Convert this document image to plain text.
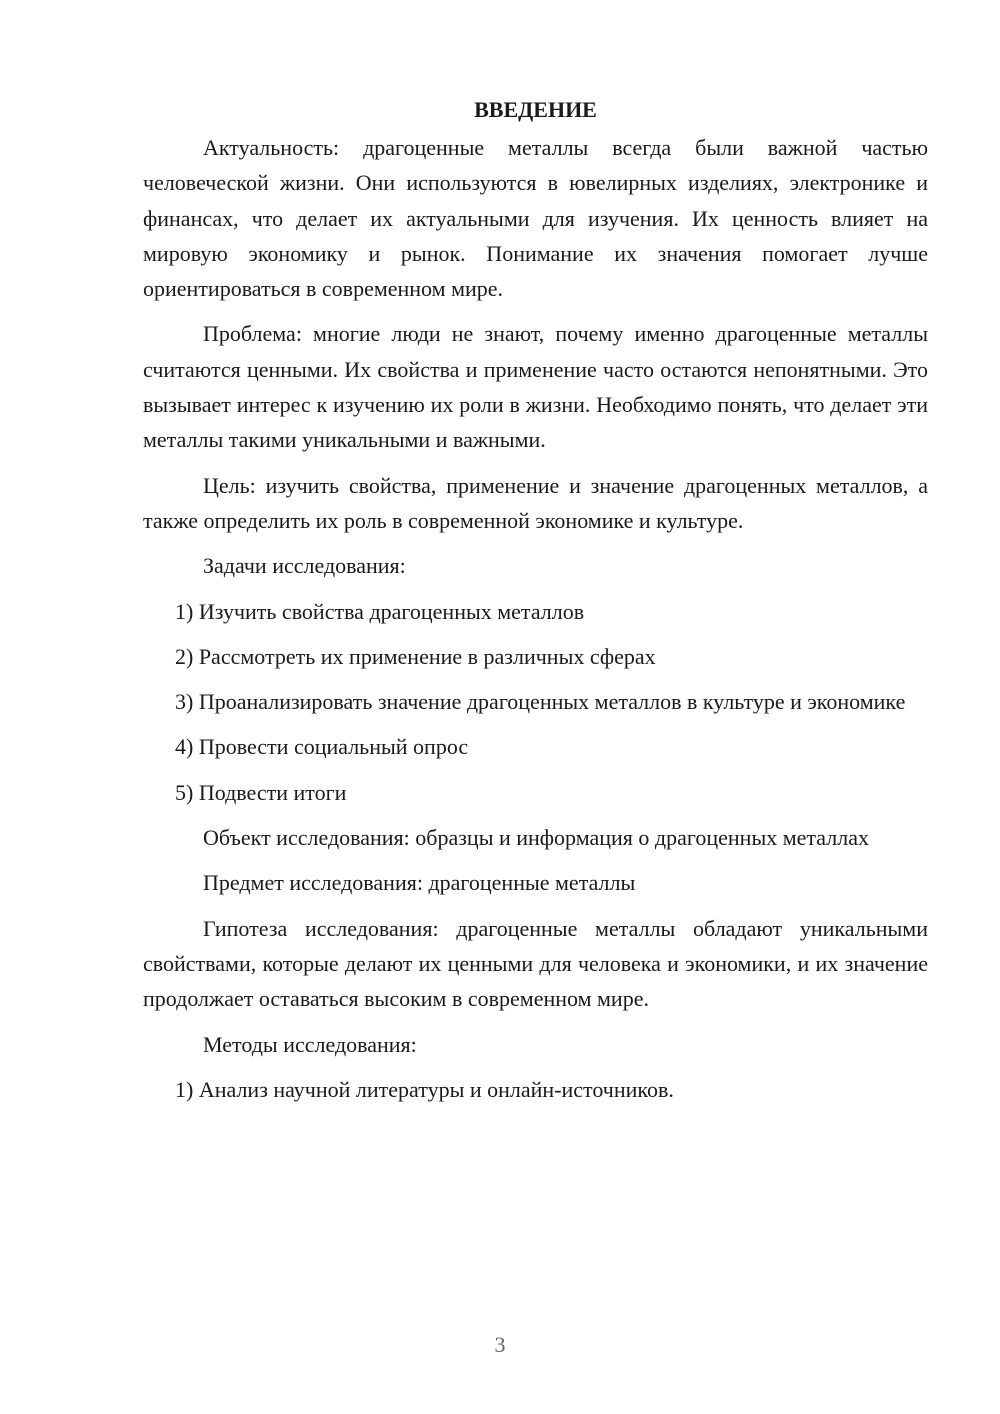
ВВЕДЕНИЕ

Актуальность: драгоценные металлы всегда были важной частью человеческой жизни. Они используются в ювелирных изделиях, электронике и финансах, что делает их актуальными для изучения. Их ценность влияет на мировую экономику и рынок. Понимание их значения помогает лучше ориентироваться в современном мире.

Проблема: многие люди не знают, почему именно драгоценные металлы считаются ценными. Их свойства и применение часто остаются непонятными. Это вызывает интерес к изучению их роли в жизни. Необходимо понять, что делает эти металлы такими уникальными и важными.

Цель: изучить свойства, применение и значение драгоценных металлов, а также определить их роль в современной экономике и культуре.

Задачи исследования:

1) Изучить свойства драгоценных металлов

2) Рассмотреть их применение в различных сферах

3) Проанализировать значение драгоценных металлов в культуре и экономике

4) Провести социальный опрос

5) Подвести итоги

Объект исследования: образцы и информация о драгоценных металлах

Предмет исследования: драгоценные металлы

Гипотеза исследования: драгоценные металлы обладают уникальными свойствами, которые делают их ценными для человека и экономики, и их значение продолжает оставаться высоким в современном мире.

Методы исследования:

1) Анализ научной литературы и онлайн-источников.

3
